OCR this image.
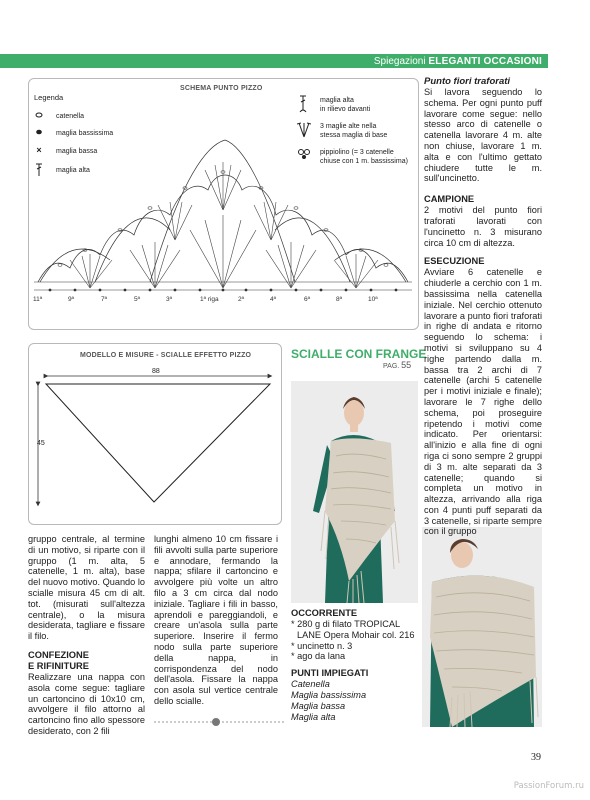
Spiegazioni ELEGANTI OCCASIONI
SCHEMA PUNTO PIZZO
Legenda
catenella
maglia bassissima
×	maglia bassa
maglia alta
maglia alta
in rilievo davanti
3 maglie alte nella
stessa maglia di base
pippiolino (= 3 catenelle
chiuse con 1 m. bassissima)
11ª	9ª	7ª	5ª	3ª	1ª riga	2ª	4ª	6ª	8ª	10ª
MODELLO E MISURE - SCIALLE EFFETTO PIZZO
88
45
SCIALLE CON FRANGE
PAG. 55
Punto fiori traforati
Si lavora seguendo lo schema. Per ogni punto puff lavorare come segue: nello stesso arco di catenelle o catenella lavorare 4 m. alte non chiuse, lavorare 1 m. alta e con l'ultimo gettato chiudere tutte le m. sull'uncinetto.
CAMPIONE
2 motivi del punto fiori traforati lavorati con l'uncinetto n. 3 misurano circa 10 cm di altezza.
ESECUZIONE
Avviare 6 catenelle e chiuderle a cerchio con 1 m. bassissima nella catenella iniziale. Nel cerchio ottenuto lavorare a punto fiori traforati in righe di andata e ritorno seguendo lo schema: i motivi si sviluppano su 4 righe partendo dalla m. bassa tra 2 archi di 7 catenelle (archi 5 catenelle per i motivi iniziale e finale); lavorare le 7 righe dello schema, poi proseguire ripetendo i motivi come indicato. Per orientarsi: all'inizio e alla fine di ogni riga ci sono sempre 2 gruppi di 3 m. alte separati da 3 catenelle; quando si completa un motivo in altezza, arrivando alla riga con 4 punti puff separati da 3 catenelle, si riparte sempre con il gruppo
gruppo centrale, al termine di un motivo, si riparte con il gruppo (1 m. alta, 5 catenelle, 1 m. alta), base del nuovo motivo. Quando lo scialle misura 45 cm di alt. tot. (misurati sull'altezza centrale), o la misura desiderata, tagliare e fissare il filo.
CONFEZIONE
E RIFINITURE
Realizzare una nappa con asola come segue: tagliare un cartoncino di 10x10 cm, avvolgere il filo attorno al cartoncino fino allo spessore desiderato, con 2 fili
lunghi almeno 10 cm fissare i fili avvolti sulla parte superiore e annodare, fermando la nappa; sfilare il cartoncino e avvolgere più volte un altro filo a 3 cm circa dal nodo iniziale. Tagliare i fili in basso, aprendoli e pareggiandoli, e creare un'asola sulla parte superiore. Inserire il fermo nodo sulla parte superiore della nappa, in corrispondenza del nodo dell'asola. Fissare la nappa con asola sul vertice centrale dello scialle.
OCCORRENTE
* 280 g di filato TROPICAL
LANE Opera Mohair col. 216
* uncinetto n. 3
* ago da lana
PUNTI IMPIEGATI
Catenella
Maglia bassissima
Maglia bassa
Maglia alta
39
PassionForum.ru
